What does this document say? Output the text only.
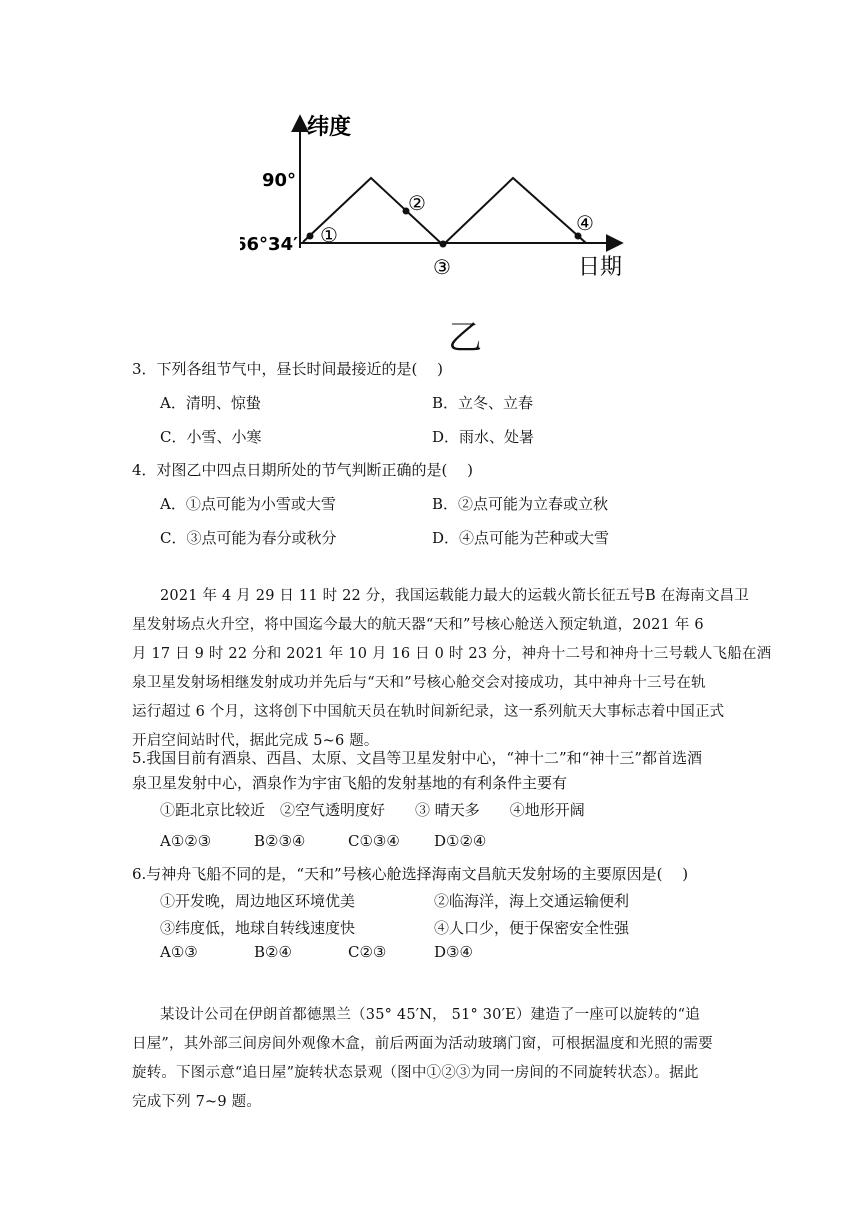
纬度
90°
66°34′ ①
②
③
④
日期
乙
3．下列各组节气中，昼长时间最接近的是(　 )
A．清明、惊蛰	B．立冬、立春
C．小雪、小寒	D．雨水、处暑
4．对图乙中四点日期所处的节气判断正确的是(　 )
A．①点可能为小雪或大雪	B．②点可能为立春或立秋
C．③点可能为春分或秋分	D．④点可能为芒种或大雪
2021 年 4 月 29 日 11 时 22 分，我国运载能力最大的运载火箭长征五号B 在海南文昌卫
星发射场点火升空，将中国迄今最大的航天器“天和”号核心舱送入预定轨道，2021 年 6
月 17 日 9 时 22 分和 2021 年 10 月 16 日 0 时 23 分，神舟十二号和神舟十三号载人飞船在酒
泉卫星发射场相继发射成功并先后与“天和”号核心舱交会对接成功，其中神舟十三号在轨
运行超过 6 个月，这将创下中国航天员在轨时间新纪录，这一系列航天大事标志着中国正式
开启空间站时代，据此完成 5~6 题。
5.我国目前有酒泉、西昌、太原、文昌等卫星发射中心，“神十二”和“神十三”都首选酒
泉卫星发射中心，酒泉作为宇宙飞船的发射基地的有利条件主要有
①距北京比较近　②空气透明度好　　③ 晴天多　　④地形开阔
A①②③	B②③④	C①③④ D①②④
6.与神舟飞船不同的是，“天和”号核心舱选择海南文昌航天发射场的主要原因是(　 )
①开发晚，周边地区环境优美	②临海洋，海上交通运输便利
③纬度低，地球自转线速度快	④人口少，便于保密安全性强
A①③	B②④	C②③	D③④
某设计公司在伊朗首都德黑兰（35° 45′N， 51° 30′E）建造了一座可以旋转的“追
日屋”，其外部三间房间外观像木盒，前后两面为活动玻璃门窗，可根据温度和光照的需要
旋转。下图示意“追日屋”旋转状态景观（图中①②③为同一房间的不同旋转状态）。据此
完成下列 7~9 题。
